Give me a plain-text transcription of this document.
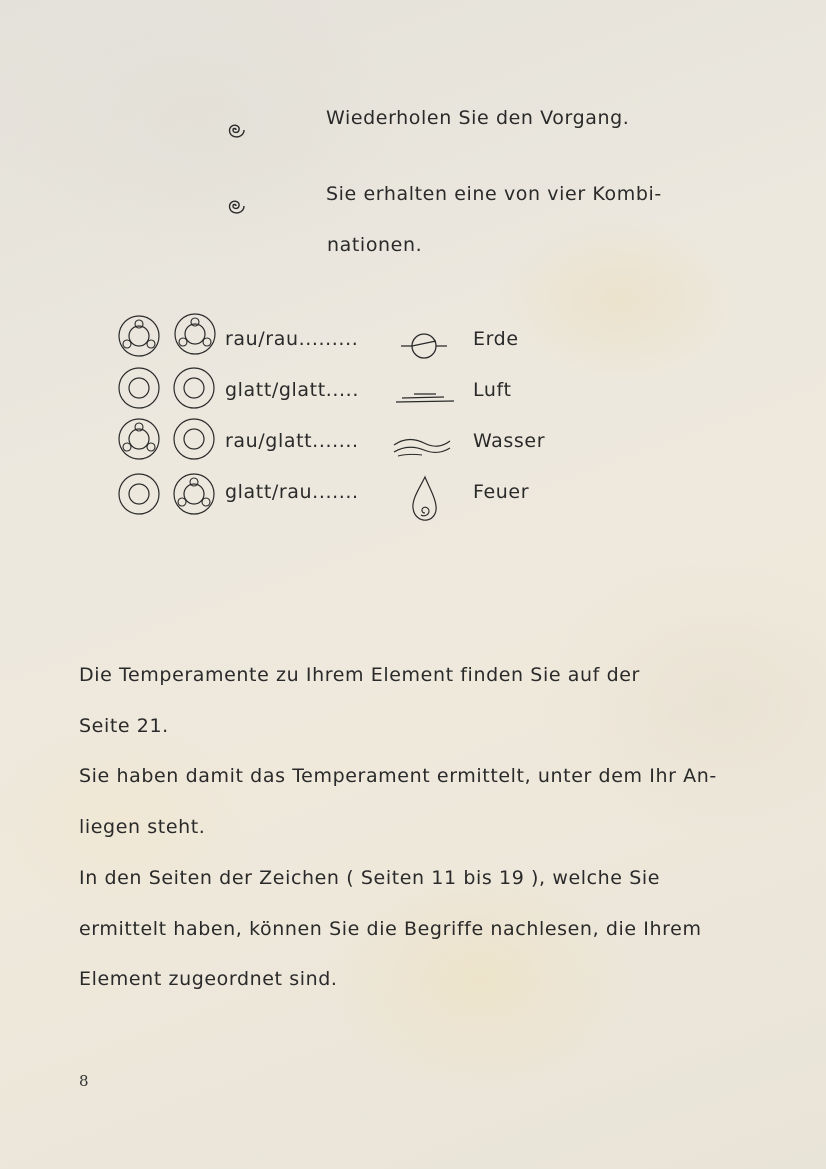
Wiederholen Sie den Vorgang.
Sie erhalten eine von vier Kombi-
nationen.
rau/rau.........	Erde
glatt/glatt.....	Luft
rau/glatt.......	Wasser
glatt/rau.......	Feuer

Die Temperamente zu Ihrem Element finden Sie auf der

Seite 21.

Sie haben damit das Temperament ermittelt, unter dem Ihr An-

liegen steht.

In den Seiten der Zeichen ( Seiten 11 bis 19 ), welche Sie

ermittelt haben, können Sie die Begriffe nachlesen, die Ihrem

Element zugeordnet sind.

8
